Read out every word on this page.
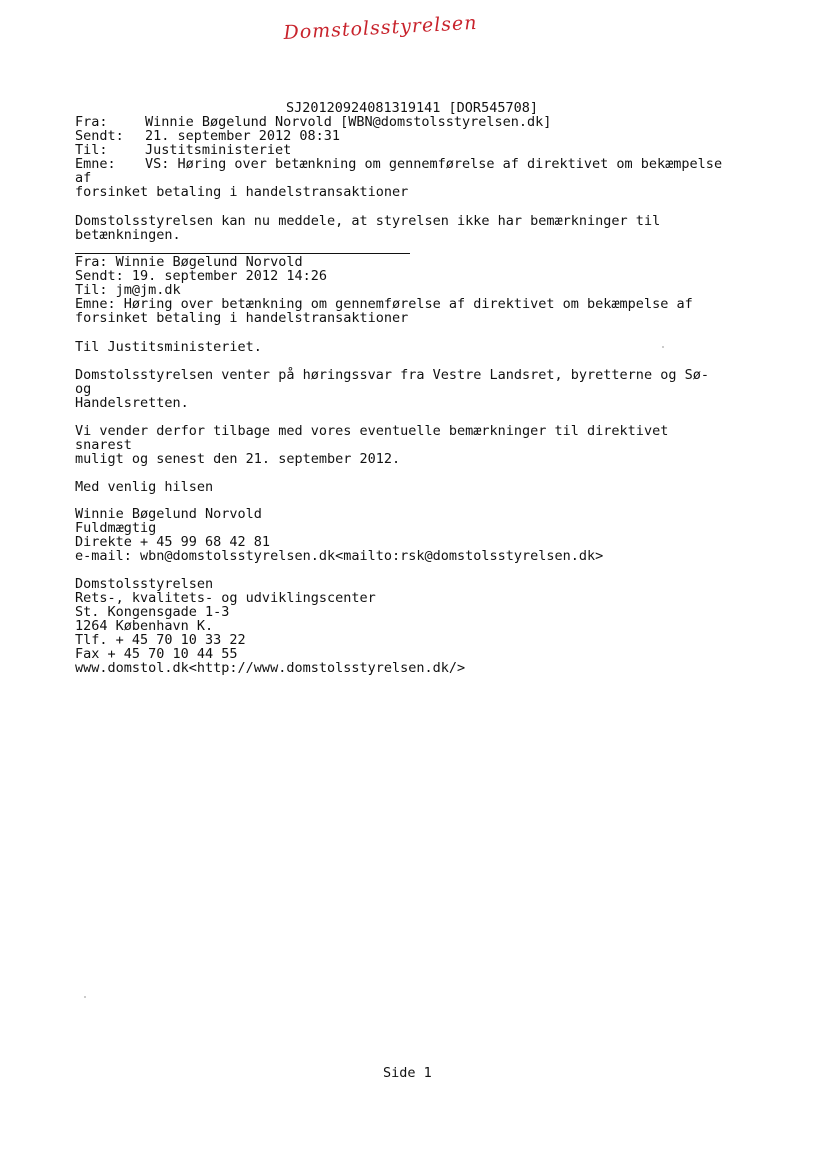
Domstolsstyrelsen
SJ20120924081319141 [DOR545708]
Fra:	Winnie Bøgelund Norvold [WBN@domstolsstyrelsen.dk]
Sendt: 21. september 2012 08:31
Til:	Justitsministeriet
Emne: VS: Høring over betænkning om gennemførelse af direktivet om bekæmpelse
af
forsinket betaling i handelstransaktioner
Domstolsstyrelsen kan nu meddele, at styrelsen ikke har bemærkninger til
betænkningen.
Fra: Winnie Bøgelund Norvold
Sendt: 19. september 2012 14:26
Til: jm@jm.dk
Emne: Høring over betænkning om gennemførelse af direktivet om bekæmpelse af
forsinket betaling i handelstransaktioner
Til Justitsministeriet.
Domstolsstyrelsen venter på høringssvar fra Vestre Landsret, byretterne og Sø-
og
Handelsretten.
Vi vender derfor tilbage med vores eventuelle bemærkninger til direktivet
snarest
muligt og senest den 21. september 2012.
Med venlig hilsen
Winnie Bøgelund Norvold
Fuldmægtig
Direkte + 45 99 68 42 81
e-mail: wbn@domstolsstyrelsen.dk<mailto:rsk@domstolsstyrelsen.dk>
Domstolsstyrelsen
Rets-, kvalitets- og udviklingscenter
St. Kongensgade 1-3
1264 København K.
Tlf. + 45 70 10 33 22
Fax + 45 70 10 44 55
www.domstol.dk<http://www.domstolsstyrelsen.dk/>
Side 1
